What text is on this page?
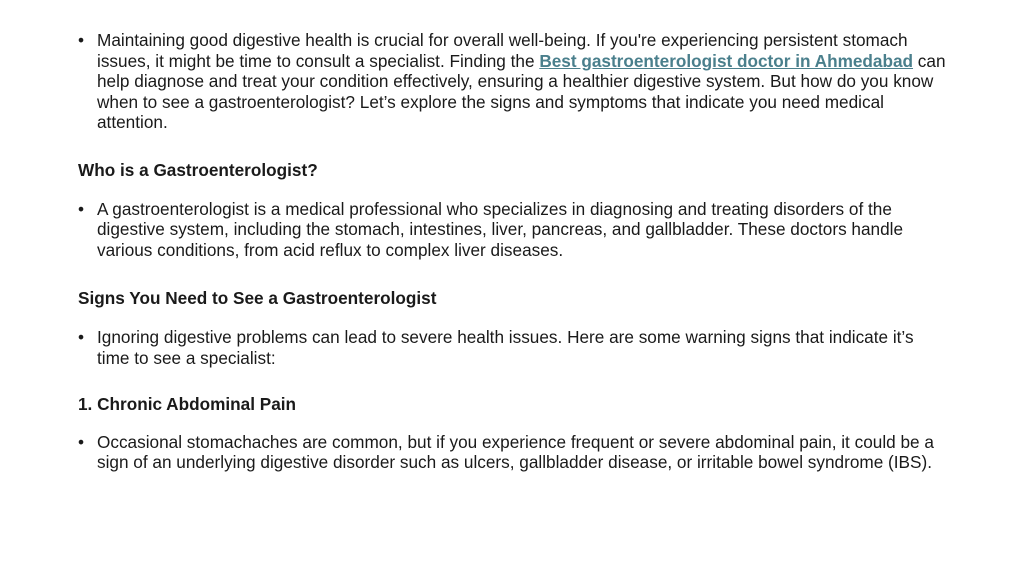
• Maintaining good digestive health is crucial for overall well-being. If you're experiencing persistent stomach issues, it might be time to consult a specialist. Finding the Best gastroenterologist doctor in Ahmedabad can help diagnose and treat your condition effectively, ensuring a healthier digestive system. But how do you know when to see a gastroenterologist? Let’s explore the signs and symptoms that indicate you need medical attention.

Who is a Gastroenterologist?

• A gastroenterologist is a medical professional who specializes in diagnosing and treating disorders of the digestive system, including the stomach, intestines, liver, pancreas, and gallbladder. These doctors handle various conditions, from acid reflux to complex liver diseases.

Signs You Need to See a Gastroenterologist

• Ignoring digestive problems can lead to severe health issues. Here are some warning signs that indicate it’s time to see a specialist:

1. Chronic Abdominal Pain

• Occasional stomachaches are common, but if you experience frequent or severe abdominal pain, it could be a sign of an underlying digestive disorder such as ulcers, gallbladder disease, or irritable bowel syndrome (IBS).
